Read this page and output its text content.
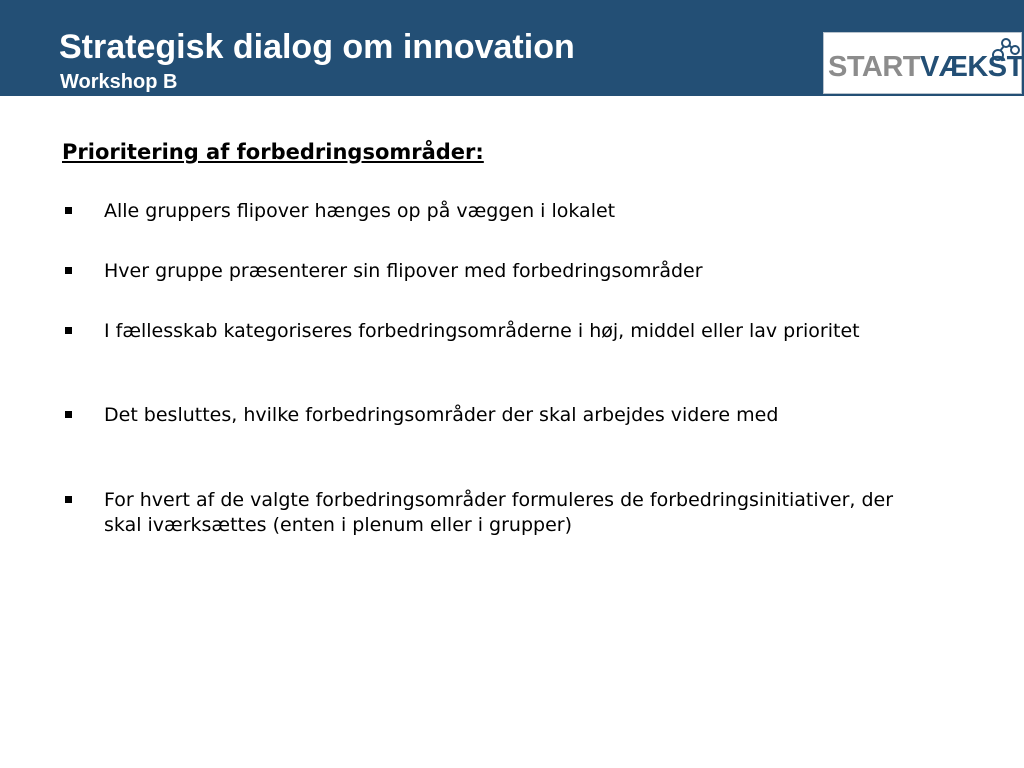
Strategisk dialog om innovation
Workshop B	STARTVÆKST
Prioritering af forbedringsområder:
Alle gruppers flipover hænges op på væggen i lokalet
Hver gruppe præsenterer sin flipover med forbedringsområder
I fællesskab kategoriseres forbedringsområderne i høj, middel eller lav prioritet
Det besluttes, hvilke forbedringsområder der skal arbejdes videre med
For hvert af de valgte forbedringsområder formuleres de forbedringsinitiativer, der skal iværksættes (enten i plenum eller i grupper)
